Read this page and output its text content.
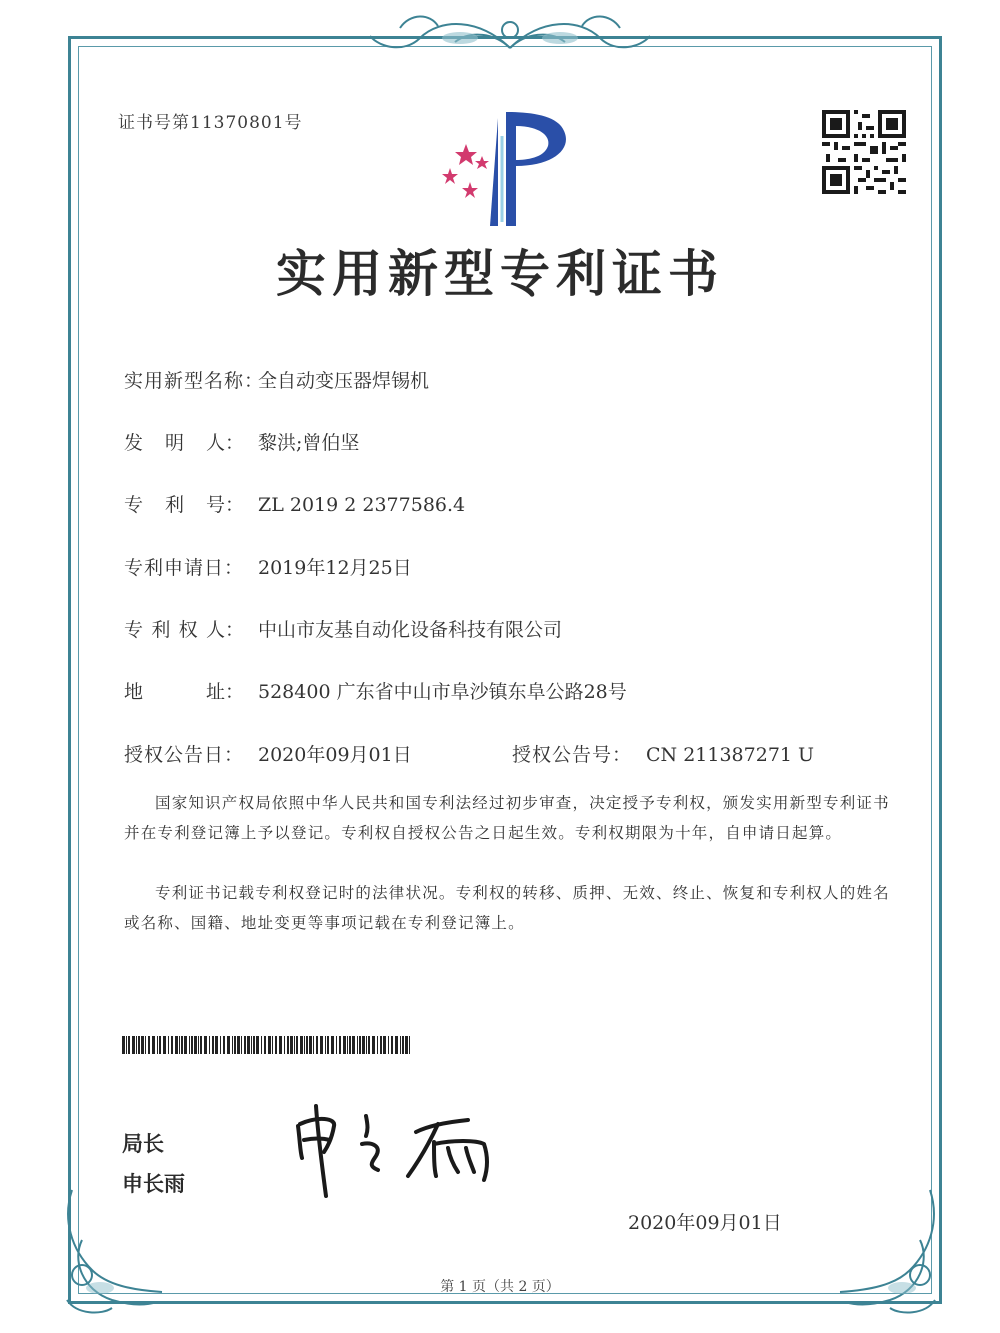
证书号第11370801号
实用新型专利证书
实用新型名称：全自动变压器焊锡机
发 明 人： 黎洪;曾伯坚
专 利 号： ZL 2019 2 2377586.4
专利申请日： 2019年12月25日
专 利 权 人： 中山市友基自动化设备科技有限公司
地	址： 528400 广东省中山市阜沙镇东阜公路28号
授权公告日： 2020年09月01日	授权公告号： CN 211387271 U
国家知识产权局依照中华人民共和国专利法经过初步审查，决定授予专利权，颁发实用新型专利证书并在专利登记簿上予以登记。专利权自授权公告之日起生效。专利权期限为十年，自申请日起算。
专利证书记载专利权登记时的法律状况。专利权的转移、质押、无效、终止、恢复和专利权人的姓名或名称、国籍、地址变更等事项记载在专利登记簿上。
局长
申长雨
2020年09月01日
第 1 页（共 2 页）
